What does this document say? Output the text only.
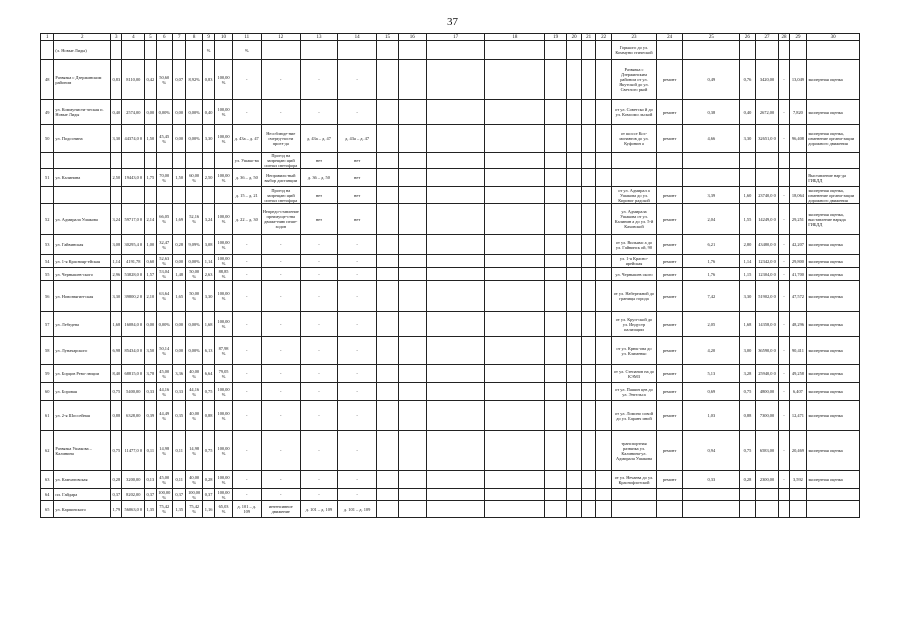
37
1	2	3	4	5	6	7	8	9	10	11	12	13	14	15	16	17	18	19	20	21	22	23	24	25	26	27	28	29	30
	(л. Новые Лиды)							%		%												Горького до ул. Коммуни стической							
48	Развязка с Дзержинским районом	0,83	8110,00	0,42	50,60 %	0,07	8,92%	0,83	100,00 %	-	-	-	-									Развязка с Дзержинским районом от ул. Якутской до ул. Светлого ркой	ремонт	0,49	0,76	3420,00	-	13,049	экспертная оценка
49	ул. Коммунисти-ческая п. Новые Лиды	0,40	2574,00	0,00	0,00%	0,00	0,00%	0,40	100,00 %	-	-	-	-									от ул. Советско й до ул. Комсомо льской	ремонт	0,38	0,40	2672,00	-	7,820	экспертная оценка
50	ул. Подоснина	3,30	44374,0 0	1,50	45,45 %	0,00	0,00%	3,30	100,00 %	д. 43а – д. 47	Несоблюде-ние очеред-ности проез-да	д. 43а – д. 47	д. 43а – д. 47									от шоссе Кос-монавтов до ул. Куфонин а	ремонт	4,66	3,30	32651,0 0	-	96,408	экспертная оценка, изменение органи-зации дорожного движения
										ул. Ушако-ва	Проезд на запрещаю щий сигнал светофора	нет	нет																
51	ул. Калинина	2,50	19443,0 0	1,75	70,00 %	1,50	60,00 %	2,50	100,00 %	д. 36 – д. 50	Неправиль-ный выбор дистанции	д. 36 – д. 50	нет																Выставление нар-да ГИБДД
										д. 15 – д. 21	Проезд на запрещаю щий сигнал светофора	нет	нет									от ул. Адмирал а Ушакова до ул. Кировог радской	ремонт	3,39	1,60	23740,0 0	-	18,064	экспертная оценка, изменение органи-зации дорожного движения
52	ул. Адмирала Ушакова	3,24	59717,0 0	2,14	66,05 %	1,69	52,16 %	3,24	100,00 %	д. 22 – д. 30	Непредо-ставление преимуще-ства движе-нию пеше-ходов	нет	нет									ул. Адмирала Ушакова от ул. Калинин а до ул. 5-й Каховской	ремонт	2,04	1,55	14249,0 0	-	29,251	экспертная оценка, выставление наряда ГИБДД
53	ул. Гайвинская	3,08	30295,4 0	1,00	32,47 %	0,28	9,09%	3,08	100,00 %	-	-	-	-									от ул. Вильямс а до ул. Гайвинск ой, 90	ремонт	6,21	2,80	43480,0 0	-	42,207	экспертная оценка
54	ул. 1-я Краснояр-ейская	1,14	4191,78	0,60	52,63 %	0,00	0,00%	1,14	100,00 %	-	-	-	-									ул. 1-я Красно-ярейская	ремонт	1,76	1,14	12342,0 0	-	29,800	экспертная оценка
55	ул. Чернышев-ского	2,96	53828,0 0	1,57	53,04 %	1,48	50,00 %	2,63	88,85 %	-	-	-	-									ул. Чернышев ского	ремонт	1,76	1,15	12304,0 0	-	41,700	экспертная оценка
56	ул. Новозвягин-ская	3,30	39800,2 0	2,10	63,64 %	1,65	50,00 %	3,30	100,00 %	-	-	-	-									от ул. Набережной до границы города	ремонт	7,42	3,30	51902,0 0	-	47,572	экспертная оценка
57	ул. Лебедева	1,68	16084,0 0	0,00	0,00%	0,00	0,00%	1,68	100,00 %	-	-	-	-									от ул. Круп-ской до ул. Индустр иализации	ремонт	2,05	1,68	14358,0 0	-	48,296	экспертная оценка
58	ул. Луначарского	6,98	85434,0 0	3,50	50,14 %	0,00	0,00%	6,13	87,98 %	-	-	-	-									от ул. Крюк-ова до ул. Клименко	ремонт	4,20	3,00	36590,0 0	-	90,411	экспертная оценка
59	ул. Борцов Рево-люции	8,40	68815,0 0	3,78	45,00 %	3,36	40,00 %	6,64	79,05 %	-	-	-	-									от ул. Степанов на до КЭМЗ	ремонт	5,13	3,28	25940,0 0	-	49,258	экспертная оценка
60	ул. Боровая	0,75	5400,00	0,33	44,16 %	0,33	44,16 %	0,75	100,00 %	-	-	-	-									от ул. Пашин цев до ул. Энгельса	ремонт	0,69	0,75	4800,00	-	6,407	экспертная оценка
61	ул. 2-я Шоссейная	0,88	6328,00	0,39	44,49 %	0,35	40,00 %	0,88	100,00 %	-	-	-	-									от ул. Ломоно совой до ул. Баранч иной	ремонт	1,03	0,88	7300,00	-	12,471	экспертная оценка
62	Развязка Ушакова – Калинина	0,75	11477,0 0	0,11	14,98 %	0,11	14,98 %	0,75	100,00 %	-	-	-	-									транспортная развязка ул. Калинина-ул. Адмирала Ушакова	ремонт	0,94	0,75	6583,00	-	20,469	экспертная оценка
63	ул. Камчатовская	0,28	3200,00	0,13	45,00 %	0,11	40,00 %	0,28	100,00 %	-	-	-	-									от ул. Нечаева до ул. Краснофлотской	ремонт	0,33	0,28	2300,00	-	3,592	экспертная оценка
64	пл. Гайдара	0,37	8202,00	0,37	100,00 %	0,37	100,00 %	0,37	100,00 %	-	-	-	-																
65	ул. Карпинского	1,79	56063,0 0	1,35	75,42 %	1,35	75,42 %	1,16	65,03 %	д. 101 – д. 109	интенсивное движение	д. 101 – д. 109	д. 101 – д. 109																
